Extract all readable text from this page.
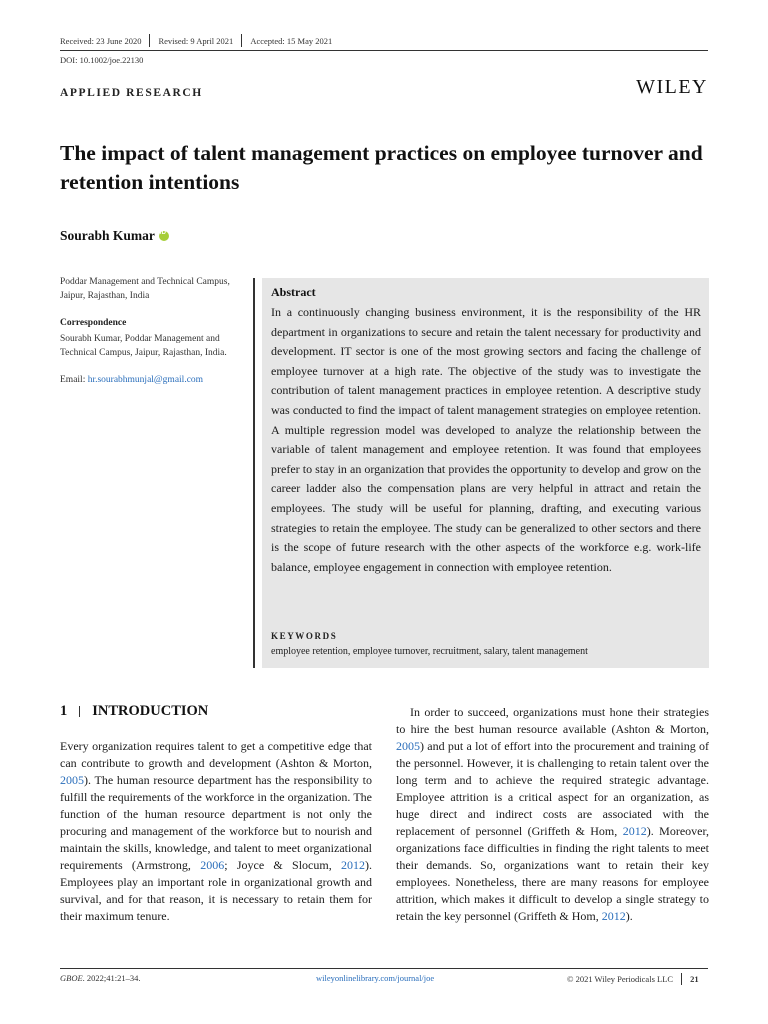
Received: 23 June 2020 Revised: 9 April 2021 Accepted: 15 May 2021
DOI: 10.1002/joe.22130
APPLIED RESEARCH	WILEY
The impact of talent management practices on employee turnover and retention intentions
Sourabh Kumar
iD
Poddar Management and Technical Campus, Jaipur, Rajasthan, India
Correspondence
Sourabh Kumar, Poddar Management and Technical Campus, Jaipur, Rajasthan, India.
Email: hr.sourabhmunjal@gmail.com
Abstract
In a continuously changing business environment, it is the responsibility of the HR department in organizations to secure and retain the talent necessary for productivity and development. IT sector is one of the most growing sectors and facing the challenge of employee turnover at a high rate. The objective of the study was to investigate the contribution of talent management practices in employee retention. A descriptive study was conducted to find the impact of talent management strategies on employee retention. A multiple regression model was developed to analyze the relationship between the variable of talent management and employee retention. It was found that employees prefer to stay in an organization that provides the opportunity to develop and grow on the career ladder also the compensation plans are very helpful in attract and retain the employees. The study will be useful for planning, drafting, and executing various strategies to retain the employee. The study can be generalized to other sectors and there is the scope of future research with the other aspects of the workforce e.g. work-life balance, employee engagement in connection with employee retention.
KEYWORDS
employee retention, employee turnover, recruitment, salary, talent management
1 INTRODUCTION
Every organization requires talent to get a competitive edge that can contribute to growth and development (Ashton & Morton, 2005). The human resource department has the responsibility to fulfill the requirements of the workforce in the organization. The function of the human resource department is not only the procuring and management of the workforce but to nourish and maintain the skills, knowledge, and talent to meet organizational requirements (Armstrong, 2006; Joyce & Slocum, 2012). Employees play an important role in organizational growth and survival, and for that reason, it is necessary to retain them for their maximum tenure.
In order to succeed, organizations must hone their strategies to hire the best human resource available (Ashton & Morton, 2005) and put a lot of effort into the procurement and training of the personnel. However, it is challenging to retain talent over the long term and to achieve the required strategic advantage. Employee attrition is a critical aspect for an organization, as huge direct and indirect costs are associated with the replacement of personnel (Griffeth & Hom, 2012). Moreover, organizations face difficulties in finding the right talents to meet their demands. So, organizations want to retain their key employees. Nonetheless, there are many reasons for employee attrition, which makes it difficult to develop a single strategy to retain the key personnel (Griffeth & Hom, 2012).
GBOE. 2022;41:21–34.	wileyonlinelibrary.com/journal/joe	© 2021 Wiley Periodicals LLC 21
